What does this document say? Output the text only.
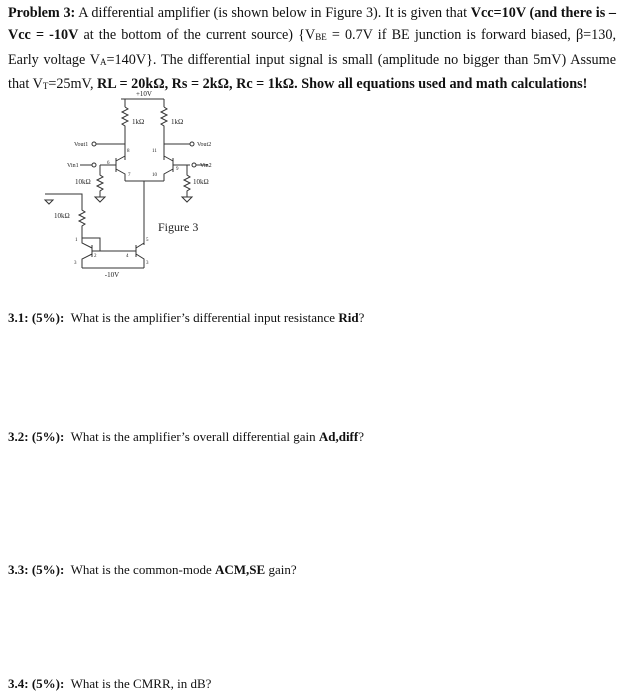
Problem 3: A differential amplifier (is shown below in Figure 3). It is given that Vcc=10V (and there is – Vcc = -10V at the bottom of the current source) {$V_{BE} = 0.7V$ if BE junction is forward biased, β=130, Early voltage $V_A=140V$}. The differential input signal is small (amplitude no bigger than 5mV) Assume that $V_T=25mV$, RL = 20kΩ, Rs = 2kΩ, Rc = 1kΩ. Show all equations used and math calculations!
+10V
1kΩ	1kΩ
Vout1	Vout2
Vin1	Vin2
10kΩ	10kΩ
10kΩ
-10V
1
2
3
4
5
6
7
8
9
10
11
3
Figure 3
3.1: (5%): What is the amplifier’s differential input resistance Rid?
3.2: (5%): What is the amplifier’s overall differential gain Ad,diff?
3.3: (5%): What is the common-mode ACM,SE gain?
3.4: (5%): What is the CMRR, in dB?
